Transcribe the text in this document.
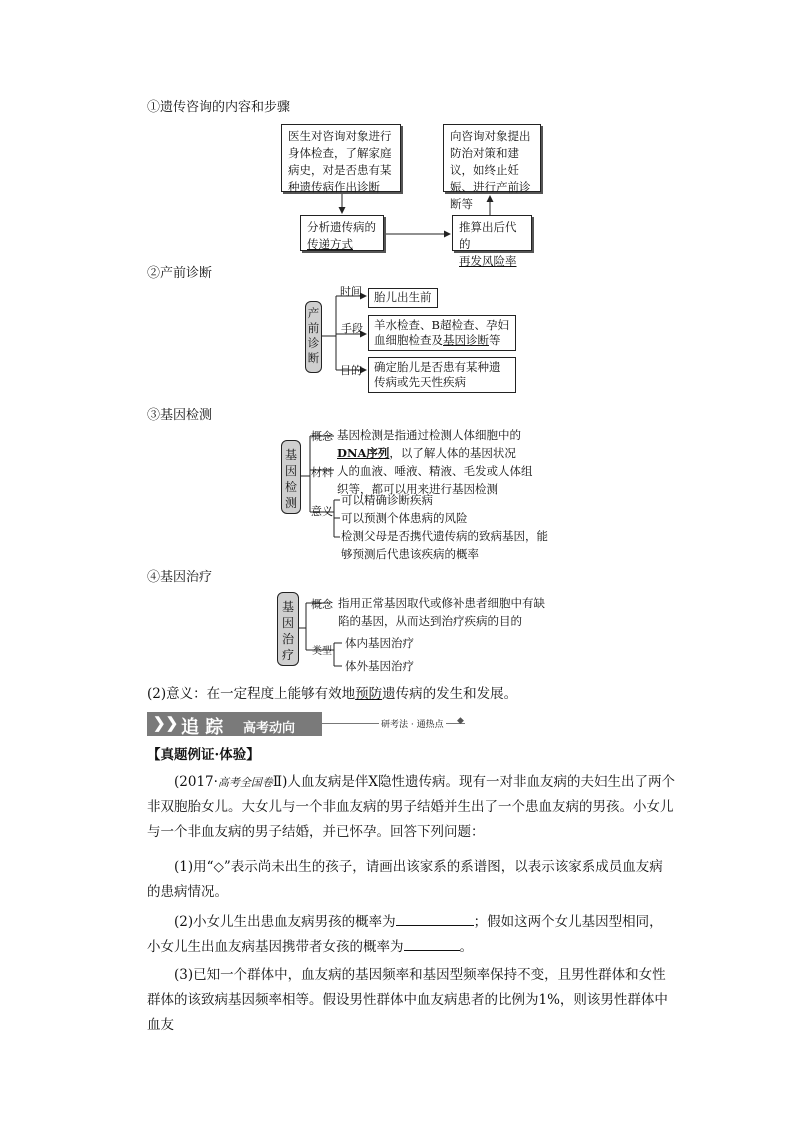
①遗传咨询的内容和步骤
医生对咨询对象进行身体检查，了解家庭病史，对是否患有某种遗传病作出诊断
向咨询对象提出防治对策和建议，如终止妊娠、进行产前诊断等
分析遗传病的
传递方式
推算出后代的
再发风险率
②产前诊断
产前诊断
时间	胎儿出生前
手段 羊水检查、B超检查、孕妇血细胞检查及基因诊断等
目的	确定胎儿是否患有某种遗传病或先天性疾病
③基因检测
基因检测
概念 基因检测是指通过检测人体细胞中的DNA序列，以了解人体的基因状况
材料 人的血液、唾液、精液、毛发或人体组织等，都可以用来进行基因检测
意义
可以精确诊断疾病
可以预测个体患病的风险
检测父母是否携代遗传病的致病基因，能够预测后代患该疾病的概率
④基因治疗
基因治疗
概念 指用正常基因取代或修补患者细胞中有缺陷的基因，从而达到治疗疾病的目的
类型
体内基因治疗
体外基因治疗
(2)意义：在一定程度上能够有效地预防遗传病的发生和发展。
❯❯ 追 踪 高考动向	研考法 · 通热点 ◆
【真题例证·体验】
(2017·高考全国卷Ⅱ)人血友病是伴X隐性遗传病。现有一对非血友病的夫妇生出了两个非双胞胎女儿。大女儿与一个非血友病的男子结婚并生出了一个患血友病的男孩。小女儿与一个非血友病的男子结婚，并已怀孕。回答下列问题：
(1)用“◇”表示尚未出生的孩子，请画出该家系的系谱图，以表示该家系成员血友病的患病情况。
(2)小女儿生出患血友病男孩的概率为	；假如这两个女儿基因型相同，小女儿生出血友病基因携带者女孩的概率为	。
(3)已知一个群体中，血友病的基因频率和基因型频率保持不变，且男性群体和女性群体的该致病基因频率相等。假设男性群体中血友病患者的比例为1%，则该男性群体中血友
